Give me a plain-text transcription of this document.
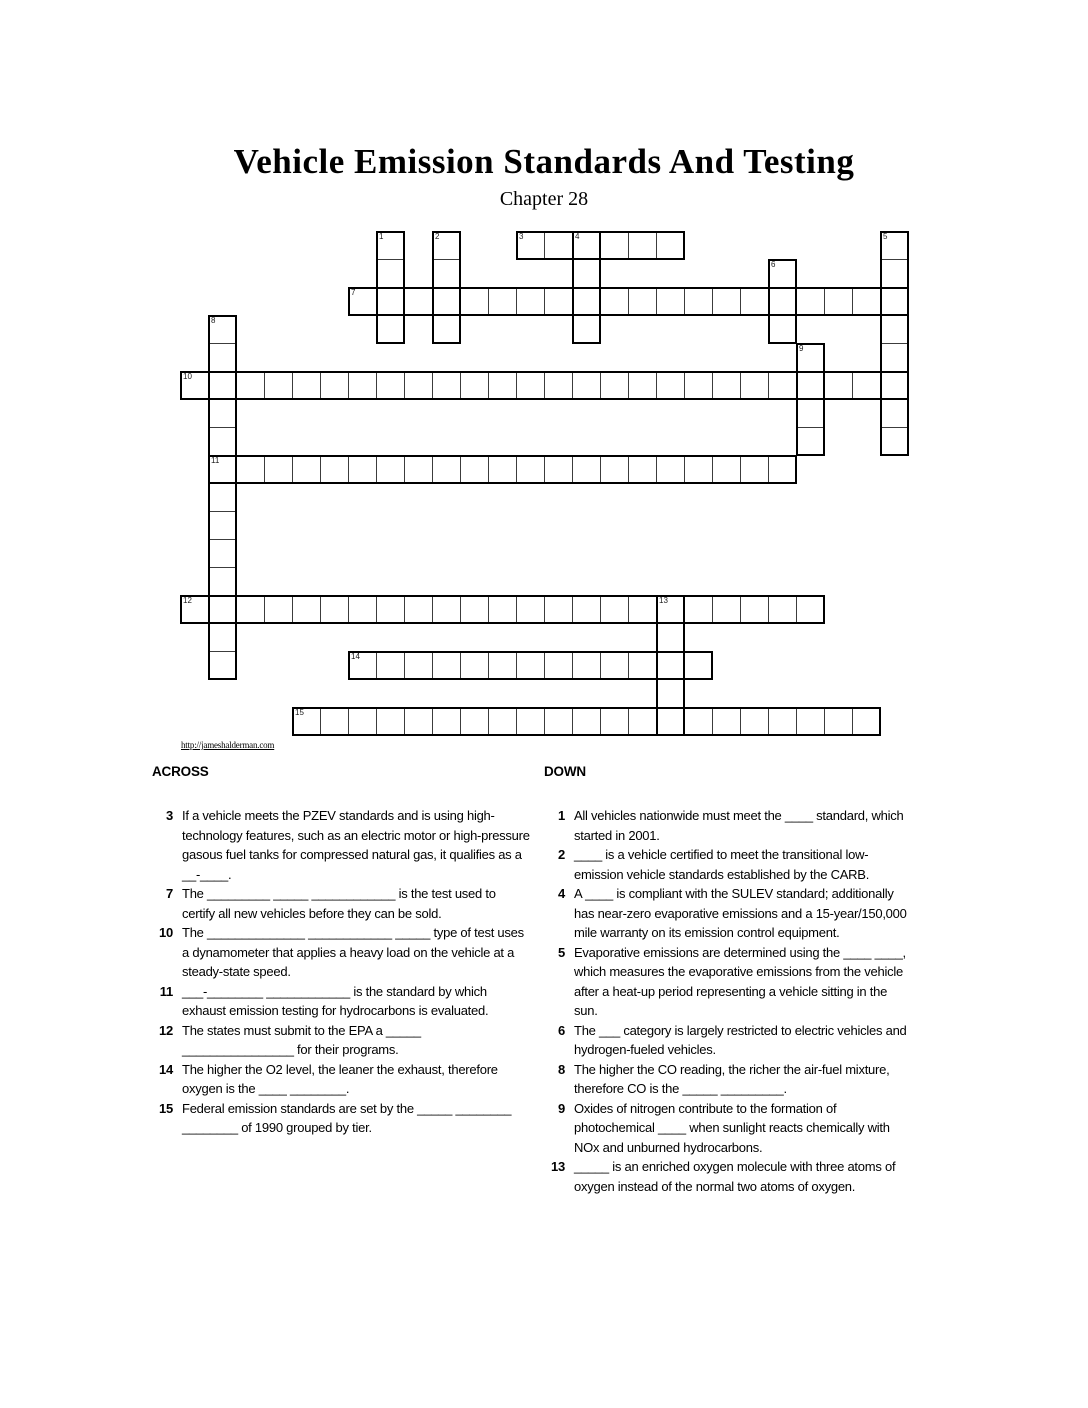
Vehicle Emission Standards And Testing
Chapter 28
1	2	3	4	5
6
7
8
9
10
11
12	13
14
15
http://jameshalderman.com
ACROSS
3 If a vehicle meets the PZEV standards and is using high-technology features, such as an electric motor or high-pressure gasous fuel tanks for compressed natural gas, it qualifies as a __-____.
7 The _________ _____ ____________ is the test used to certify all new vehicles before they can be sold.
10 The ______________ ____________ _____ type of test uses a dynamometer that applies a heavy load on the vehicle at a steady-state speed.
11 ___-________ ____________ is the standard by which exhaust emission testing for hydrocarbons is evaluated.
12 The states must submit to the EPA a _____ ________________ for their programs.
14 The higher the O2 level, the leaner the exhaust, therefore oxygen is the ____ ________.
15 Federal emission standards are set by the _____ ________ ________ of 1990 grouped by tier.
DOWN
1 All vehicles nationwide must meet the ____ standard, which started in 2001.
2 ____ is a vehicle certified to meet the transitional low-emission vehicle standards established by the CARB.
4 A ____ is compliant with the SULEV standard; additionally has near-zero evaporative emissions and a 15-year/150,000 mile warranty on its emission control equipment.
5 Evaporative emissions are determined using the ____ ____, which measures the evaporative emissions from the vehicle after a heat-up period representing a vehicle sitting in the sun.
6 The ___ category is largely restricted to electric vehicles and hydrogen-fueled vehicles.
8 The higher the CO reading, the richer the air-fuel mixture, therefore CO is the _____ _________.
9 Oxides of nitrogen contribute to the formation of photochemical ____ when sunlight reacts chemically with NOx and unburned hydrocarbons.
13 _____ is an enriched oxygen molecule with three atoms of oxygen instead of the normal two atoms of oxygen.
